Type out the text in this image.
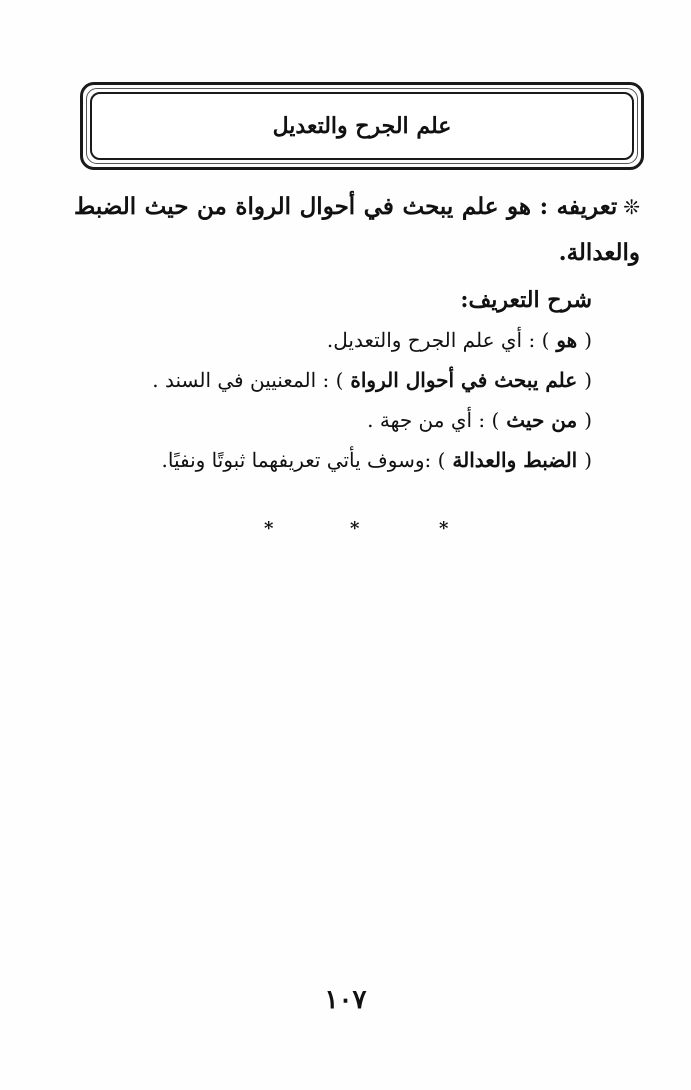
علم الجرح والتعديل

❊تعريفه : هو علم يبحث في أحوال الرواة من حيث الضبط والعدالة.

شرح التعريف:

( هو ) : أي علم الجرح والتعديل.

( علم يبحث في أحوال الرواة ) : المعنيين في السند .

( من حيث ) : أي من جهة .

( الضبط والعدالة ) :وسوف يأتي تعريفهما ثبوتًا ونفيًا.

*	*	*
١٠٧
